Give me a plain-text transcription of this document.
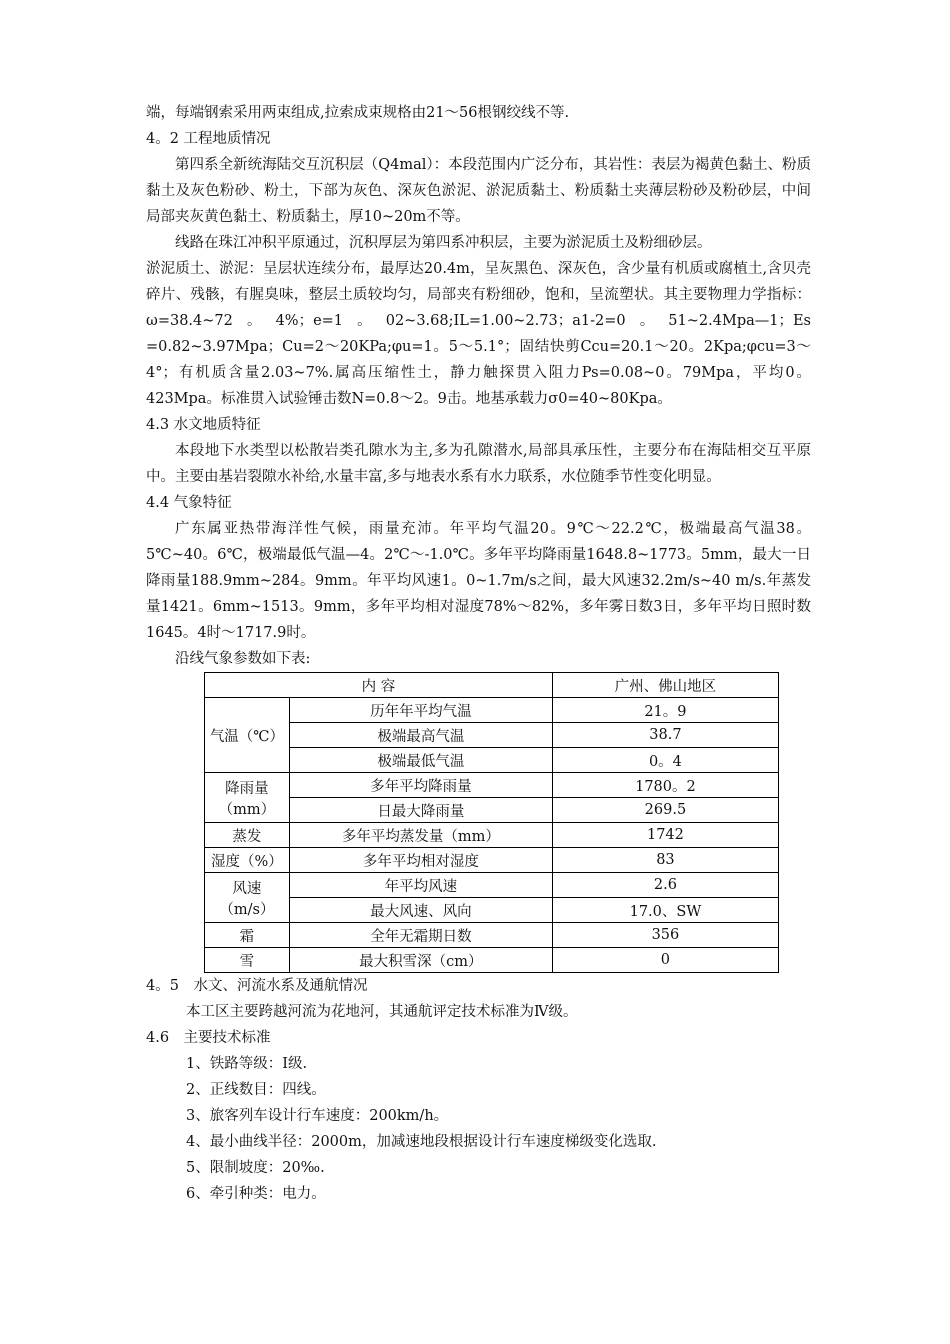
端，每端钢索采用两束组成,拉索成束规格由21～56根钢绞线不等.

4。2 工程地质情况

第四系全新统海陆交互沉积层（Q4mal）：本段范围内广泛分布，其岩性：表层为褐黄色黏土、粉质黏土及灰色粉砂、粉土，下部为灰色、深灰色淤泥、淤泥质黏土、粉质黏土夹薄层粉砂及粉砂层，中间局部夹灰黄色黏土、粉质黏土，厚10~20m不等。

线路在珠江冲积平原通过，沉积厚层为第四系冲积层，主要为淤泥质土及粉细砂层。

淤泥质土、淤泥：呈层状连续分布，最厚达20.4m，呈灰黑色、深灰色，含少量有机质或腐植土,含贝壳碎片、残骸，有腥臭味，整层土质较均匀，局部夹有粉细砂，饱和，呈流塑状。其主要物理力学指标：ω=38.4~72。4%；e=1。02~3.68;IL=1.00~2.73；a1-2=0。51~2.4Mpa—1；Es =0.82~3.97Mpa；Cu=2～20KPa;φu=1。5～5.1°；固结快剪Ccu=20.1～20。2Kpa;φcu=3～4°；有机质含量2.03~7%.属高压缩性土，静力触探贯入阻力Ps=0.08~0。79Mpa，平均0。423Mpa。标准贯入试验锤击数N=0.8～2。9击。地基承载力σ0=40~80Kpa。

4.3 水文地质特征

本段地下水类型以松散岩类孔隙水为主,多为孔隙潜水,局部具承压性，主要分布在海陆相交互平原中。主要由基岩裂隙水补给,水量丰富,多与地表水系有水力联系，水位随季节性变化明显。

4.4 气象特征

广东属亚热带海洋性气候，雨量充沛。年平均气温20。9℃～22.2℃，极端最高气温38。5℃~40。6℃，极端最低气温—4。2℃～-1.0℃。多年平均降雨量1648.8~1773。5mm，最大一日降雨量188.9mm~284。9mm。年平均风速1。0~1.7m/s之间，最大风速32.2m/s~40 m/s.年蒸发量1421。6mm~1513。9mm，多年平均相对湿度78%～82%，多年雾日数3日，多年平均日照时数1645。4时～1717.9时。

沿线气象参数如下表:

内 容		广州、佛山地区
气温（℃）	历年年平均气温	21。9
	极端最高气温	38.7
	极端最低气温	0。4

降雨量
（mm）	多年平均降雨量	1780。2
	日最大降雨量	269.5
蒸发	多年平均蒸发量（mm）	1742
湿度（%）	多年平均相对湿度	83

风速
（m/s）	年平均风速	2.6
	最大风速、风向	17.0、SW
霜	全年无霜期日数	356
雪	最大积雪深（cm）	0

4。5　水文、河流水系及通航情况

本工区主要跨越河流为花地河，其通航评定技术标准为Ⅳ级。

4.6　主要技术标准

1、铁路等级：Ⅰ级.

2、正线数目：四线。

3、旅客列车设计行车速度：200km/h。

4、最小曲线半径：2000m，加减速地段根据设计行车速度梯级变化选取.

5、限制坡度：20‰.

6、牵引种类：电力。
